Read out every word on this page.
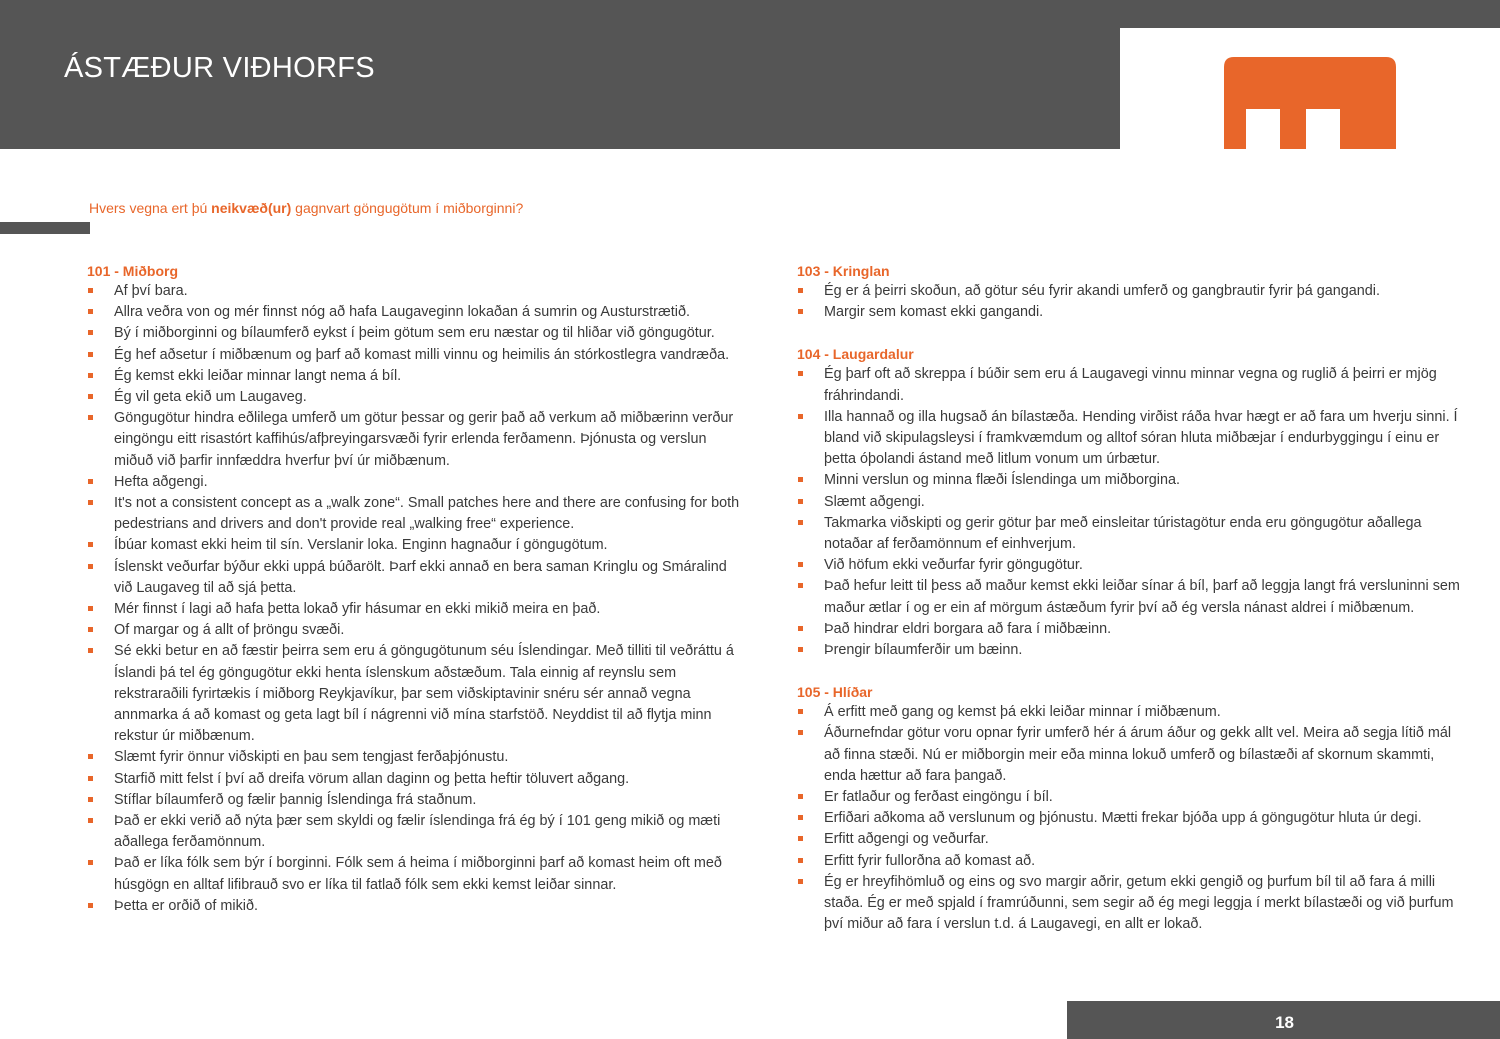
ÁSTÆÐUR VIÐHORFS
Hvers vegna ert þú neikvæð(ur) gagnvart göngugötum í miðborginni?
101 - Miðborg
Af því bara.
Allra veðra von og mér finnst nóg að hafa Laugaveginn lokaðan á sumrin og Austurstrætið.
Bý í miðborginni og bílaumferð eykst í þeim götum sem eru næstar og til hliðar við göngugötur.
Ég hef aðsetur í miðbænum og þarf að komast milli vinnu og heimilis án stórkostlegra vandræða.
Ég kemst ekki leiðar minnar langt nema á bíl.
Ég vil geta ekið um Laugaveg.
Göngugötur hindra eðlilega umferð um götur þessar og gerir það að verkum að miðbærinn verður eingöngu eitt risastórt kaffihús/afþreyingarsvæði fyrir erlenda ferðamenn. Þjónusta og verslun miðuð við þarfir innfæddra hverfur því úr miðbænum.
Hefta aðgengi.
It's not a consistent concept as a „walk zone“. Small patches here and there are confusing for both pedestrians and drivers and don't provide real „walking free“ experience.
Íbúar komast ekki heim til sín. Verslanir loka. Enginn hagnaður í göngugötum.
Íslenskt veðurfar býður ekki uppá búðarölt. Þarf ekki annað en bera saman Kringlu og Smáralind við Laugaveg til að sjá þetta.
Mér finnst í lagi að hafa þetta lokað yfir hásumar en ekki mikið meira en það.
Of margar og á allt of þröngu svæði.
Sé ekki betur en að fæstir þeirra sem eru á göngugötunum séu Íslendingar. Með tilliti til veðráttu á Íslandi þá tel ég göngugötur ekki henta íslenskum aðstæðum. Tala einnig af reynslu sem rekstraraðili fyrirtækis í miðborg Reykjavíkur, þar sem viðskiptavinir snéru sér annað vegna annmarka á að komast og geta lagt bíl í nágrenni við mína starfstöð. Neyddist til að flytja minn rekstur úr miðbænum.
Slæmt fyrir önnur viðskipti en þau sem tengjast ferðaþjónustu.
Starfið mitt felst í því að dreifa vörum allan daginn og þetta heftir töluvert aðgang.
Stíflar bílaumferð og fælir þannig Íslendinga frá staðnum.
Það er ekki verið að nýta þær sem skyldi og fælir íslendinga frá ég bý í 101 geng mikið og mæti aðallega ferðamönnum.
Það er líka fólk sem býr í borginni. Fólk sem á heima í miðborginni þarf að komast heim oft með húsgögn en alltaf lifibrauð svo er líka til fatlað fólk sem ekki kemst leiðar sinnar.
Þetta er orðið of mikið.
103 - Kringlan
Ég er á þeirri skoðun, að götur séu fyrir akandi umferð og gangbrautir fyrir þá gangandi.
Margir sem komast ekki gangandi.
104 - Laugardalur
Ég þarf oft að skreppa í búðir sem eru á Laugavegi vinnu minnar vegna og ruglið á þeirri er mjög fráhrindandi.
Illa hannað og illa hugsað án bílastæða. Hending virðist ráða hvar hægt er að fara um hverju sinni. Í bland við skipulagsleysi í framkvæmdum og alltof sóran hluta miðbæjar í endurbyggingu í einu er þetta óþolandi ástand með litlum vonum um úrbætur.
Minni verslun og minna flæði Íslendinga um miðborgina.
Slæmt aðgengi.
Takmarka viðskipti og gerir götur þar með einsleitar túristagötur enda eru göngugötur aðallega notaðar af ferðamönnum ef einhverjum.
Við höfum ekki veðurfar fyrir göngugötur.
Það hefur leitt til þess að maður kemst ekki leiðar sínar á bíl, þarf að leggja langt frá versluninni sem maður ætlar í og er ein af mörgum ástæðum fyrir því að ég versla nánast aldrei í miðbænum.
Það hindrar eldri borgara að fara í miðbæinn.
Þrengir bílaumferðir um bæinn.
105 - Hlíðar
Á erfitt með gang og kemst þá ekki leiðar minnar í miðbænum.
Áðurnefndar götur voru opnar fyrir umferð hér á árum áður og gekk allt vel. Meira að segja lítið mál að finna stæði. Nú er miðborgin meir eða minna lokuð umferð og bílastæði af skornum skammti, enda hættur að fara þangað.
Er fatlaður og ferðast eingöngu í bíl.
Erfiðari aðkoma að verslunum og þjónustu. Mætti frekar bjóða upp á göngugötur hluta úr degi.
Erfitt aðgengi og veðurfar.
Erfitt fyrir fullorðna að komast að.
Ég er hreyfihömluð og eins og svo margir aðrir, getum ekki gengið og þurfum bíl til að fara á milli staða. Ég er með spjald í framrúðunni, sem segir að ég megi leggja í merkt bílastæði og við þurfum því miður að fara í verslun t.d. á Laugavegi, en allt er lokað.
18
